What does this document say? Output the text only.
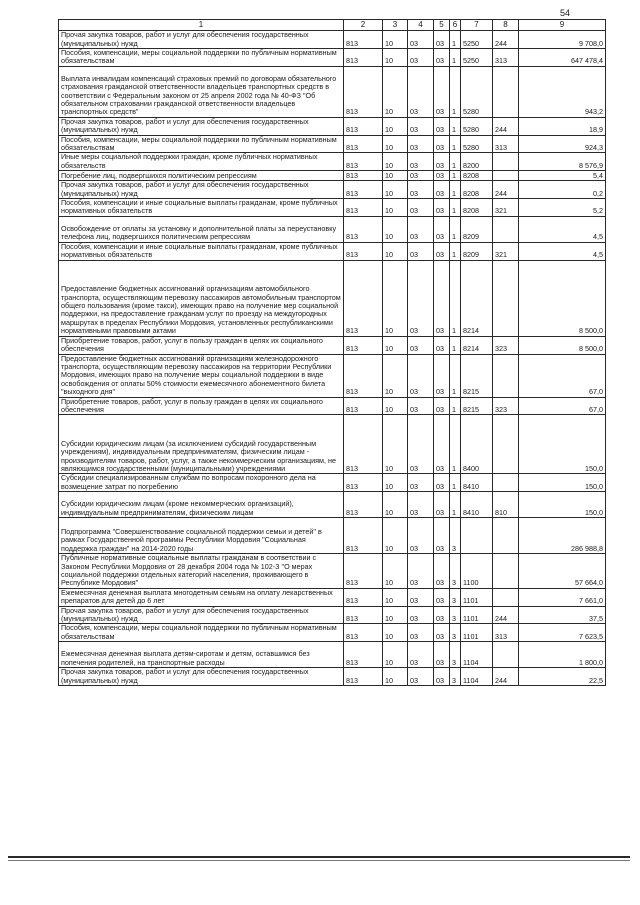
54
1	2	3	4	5	6	7	8	9
Прочая закупка товаров, работ и услуг для обеспечения государственных (муниципальных) нужд	813	10	03	03	1	5250	244	9 708,0
Пособия, компенсации, меры социальной поддержки по публичным нормативным обязательствам	813	10	03	03	1	5250	313	647 478,4
Выплата инвалидам компенсаций страховых премий по договорам обязательного страхования гражданской ответственности владельцев транспортных средств в соответствии с Федеральным законом от 25 апреля 2002 года № 40-ФЗ "Об обязательном страховании гражданской ответственности владельцев транспортных средств"	813	10	03	03	1	5280		943,2
Прочая закупка товаров, работ и услуг для обеспечения государственных (муниципальных) нужд	813	10	03	03	1	5280	244	18,9
Пособия, компенсации, меры социальной поддержки по публичным нормативным обязательствам	813	10	03	03	1	5280	313	924,3
Иные меры социальной поддержки граждан, кроме публичных нормативных обязательств	813	10	03	03	1	8200		8 576,9
Погребение лиц, подвергшихся политическим репрессиям	813	10	03	03	1	8208		5,4
Прочая закупка товаров, работ и услуг для обеспечения государственных (муниципальных) нужд	813	10	03	03	1	8208	244	0,2
Пособия, компенсации и иные социальные выплаты гражданам, кроме публичных нормативных обязательств	813	10	03	03	1	8208	321	5,2
Освобождение от оплаты за установку и дополнительной платы за переустановку телефона лиц, подвергшихся политическим репрессиям	813	10	03	03	1	8209		4,5
Пособия, компенсации и иные социальные выплаты гражданам, кроме публичных нормативных обязательств	813	10	03	03	1	8209	321	4,5
Предоставление бюджетных ассигнований организациям автомобильного транспорта, осуществляющим перевозку пассажиров автомобильным транспортом общего пользования (кроме такси), имеющих право на получение мер социальной поддержки, на предоставление гражданам услуг по проезду на междугородных маршрутах в пределах Республики Мордовия, установленных республиканскими нормативными правовыми актами	813	10	03	03	1	8214		8 500,0
Приобретение товаров, работ, услуг в пользу граждан в целях их социального обеспечения	813	10	03	03	1	8214	323	8 500,0
Предоставление бюджетных ассигнований организациям железнодорожного транспорта, осуществляющим перевозку пассажиров на территории Республики Мордовия, имеющих право на получение меры социальной поддержки в виде освобождения от оплаты 50% стоимости ежемесячного абонементного билета "выходного дня"	813	10	03	03	1	8215		67,0
Приобретение товаров, работ, услуг в пользу граждан в целях их социального обеспечения	813	10	03	03	1	8215	323	67,0
Субсидии юридическим лицам (за исключением субсидий государственным учреждениям), индивидуальным предпринимателям, физическим лицам - производителям товаров, работ, услуг, а также некоммерческим организациям, не являющимся государственными (муниципальными) учреждениями	813	10	03	03	1	8400		150,0
Субсидии специализированным службам по вопросам похоронного дела на возмещение затрат по погребению	813	10	03	03	1	8410		150,0
Субсидии юридическим лицам (кроме некоммерческих организаций), индивидуальным предпринимателям, физическим лицам	813	10	03	03	1	8410	810	150,0
Подпрограмма "Совершенствование социальной поддержки семьи и детей" в рамках Государственной программы Республики Мордовия "Социальная поддержка граждан" на 2014-2020 годы	813	10	03	03	3			286 988,8
Публичные нормативные социальные выплаты гражданам в соответствии с Законом Республики Мордовия от 28 декабря 2004 года № 102-З "О мерах социальной поддержки отдельных категорий населения, проживающего в Республике Мордовия"	813	10	03	03	3	1100		57 664,0
Ежемесячная денежная выплата многодетным семьям на оплату лекарственных препаратов для детей до 6 лет	813	10	03	03	3	1101		7 661,0
Прочая закупка товаров, работ и услуг для обеспечения государственных (муниципальных) нужд	813	10	03	03	3	1101	244	37,5
Пособия, компенсации, меры социальной поддержки по публичным нормативным обязательствам	813	10	03	03	3	1101	313	7 623,5
Ежемесячная денежная выплата детям-сиротам и детям, оставшимся без попечения родителей, на транспортные расходы	813	10	03	03	3	1104		1 800,0
Прочая закупка товаров, работ и услуг для обеспечения государственных (муниципальных) нужд	813	10	03	03	3	1104	244	22,5
